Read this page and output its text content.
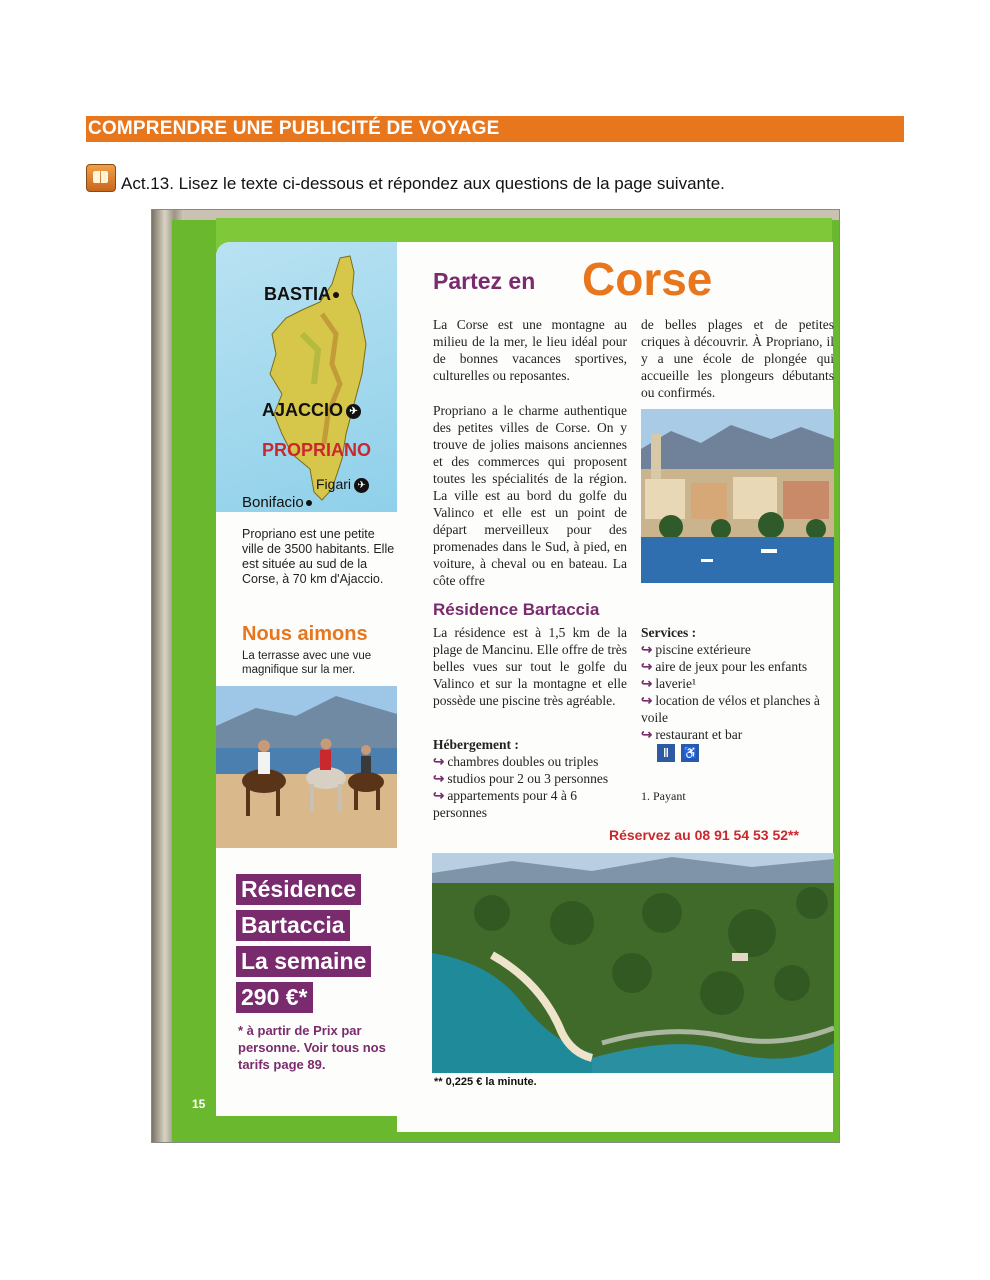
COMPRENDRE UNE PUBLICITÉ DE VOYAGE
Act.13. Lisez le texte ci-dessous et répondez aux questions de la page suivante.
BASTIA
AJACCIO ✈
PROPRIANO
Figari ✈
Bonifacio
Propriano est une petite ville de 3500 habitants. Elle est située au sud de la Corse, à 70 km d'Ajaccio.
Nous aimons
La terrasse avec une vue magnifique sur la mer.
Résidence
Bartaccia
La semaine
290 €*
* à partir de Prix par personne. Voir tous nos tarifs page 89.
15
Partez en Corse
La Corse est une montagne au milieu de la mer, le lieu idéal pour de bonnes vacances sportives, culturelles ou reposantes.
Propriano a le charme authentique des petites villes de Corse. On y trouve de jolies maisons anciennes et des commerces qui proposent toutes les spécialités de la région. La ville est au bord du golfe du Valinco et elle est un point de départ merveilleux pour des promenades dans le Sud, à pied, en voiture, à cheval ou en bateau. La côte offre
de belles plages et de petites criques à découvrir. À Propriano, il y a une école de plongée qui accueille les plongeurs débutants ou confirmés.
Résidence Bartaccia
La résidence est à 1,5 km de la plage de Mancinu. Elle offre de très belles vues sur tout le golfe du Valinco et sur la montagne et elle possède une piscine très agréable.
Hébergement :
↪ chambres doubles ou triples
↪ studios pour 2 ou 3 personnes
↪ appartements pour 4 à 6 personnes
Services :
↪ piscine extérieure
↪ aire de jeux pour les enfants
↪ laverie¹
↪ location de vélos et planches à voile
↪ restaurant et bar
ǁ ♿
1. Payant
Réservez au 08 91 54 53 52**
** 0,225 € la minute.
